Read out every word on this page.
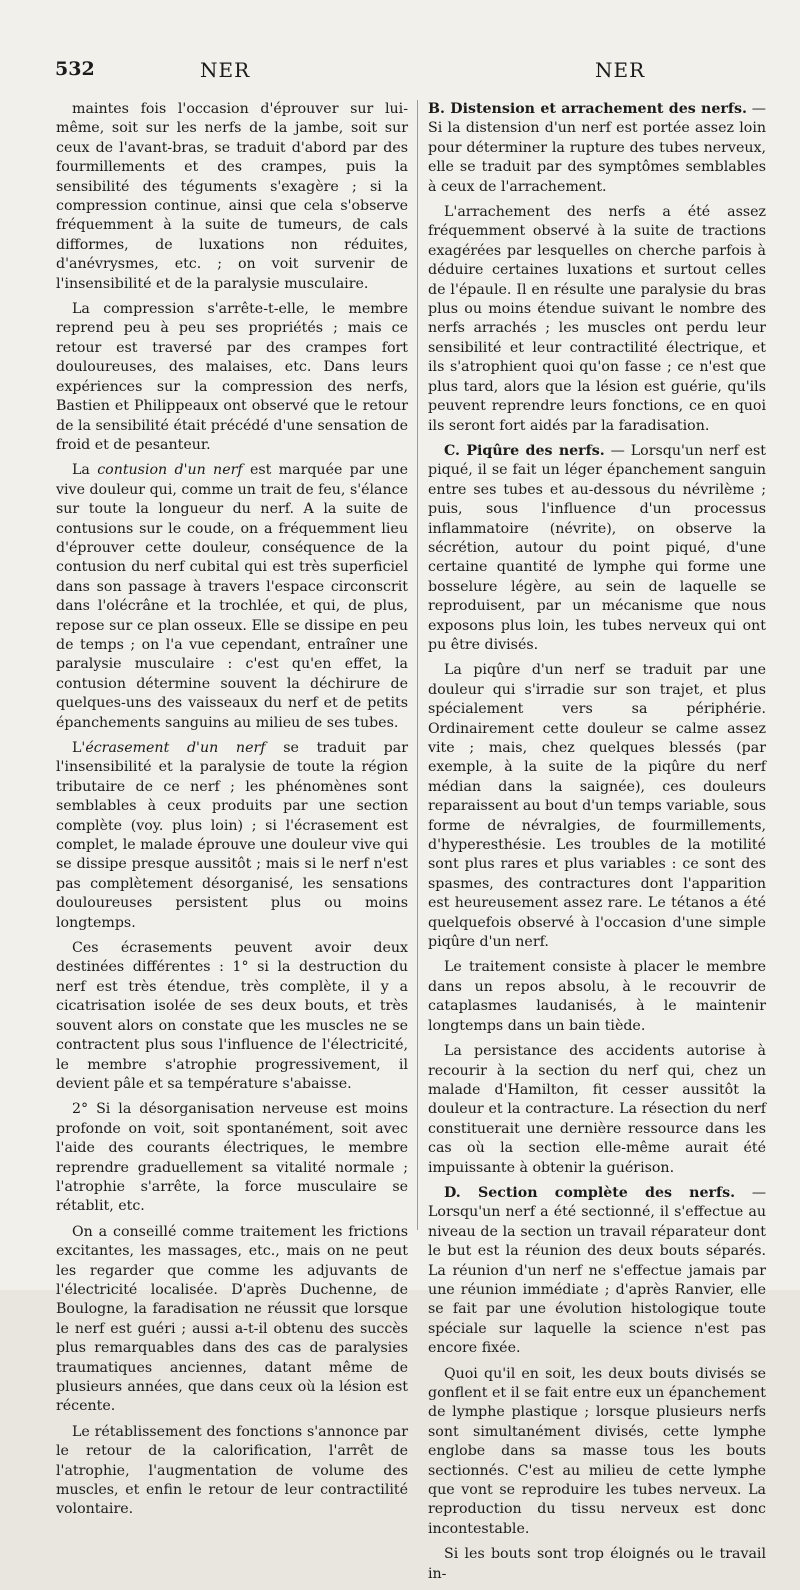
532	NER	NER

maintes fois l'occasion d'éprouver sur lui-même, soit sur les nerfs de la jambe, soit sur ceux de l'avant-bras, se traduit d'abord par des fourmillements et des crampes, puis la sensibilité des téguments s'exagère ; si la compression continue, ainsi que cela s'observe fréquemment à la suite de tumeurs, de cals difformes, de luxations non réduites, d'anévrysmes, etc. ; on voit survenir de l'insensibilité et de la paralysie musculaire.

La compression s'arrête-t-elle, le membre reprend peu à peu ses propriétés ; mais ce retour est traversé par des crampes fort douloureuses, des malaises, etc. Dans leurs expériences sur la compression des nerfs, Bastien et Philippeaux ont observé que le retour de la sensibilité était précédé d'une sensation de froid et de pesanteur.

La contusion d'un nerf est marquée par une vive douleur qui, comme un trait de feu, s'élance sur toute la longueur du nerf. A la suite de contusions sur le coude, on a fréquemment lieu d'éprouver cette douleur, conséquence de la contusion du nerf cubital qui est très superficiel dans son passage à travers l'espace circonscrit dans l'olécrâne et la trochlée, et qui, de plus, repose sur ce plan osseux. Elle se dissipe en peu de temps ; on l'a vue cependant, entraîner une paralysie musculaire : c'est qu'en effet, la contusion détermine souvent la déchirure de quelques-uns des vaisseaux du nerf et de petits épanchements sanguins au milieu de ses tubes.

L'écrasement d'un nerf se traduit par l'insensibilité et la paralysie de toute la région tributaire de ce nerf ; les phénomènes sont semblables à ceux produits par une section complète (voy. plus loin) ; si l'écrasement est complet, le malade éprouve une douleur vive qui se dissipe presque aussitôt ; mais si le nerf n'est pas complètement désorganisé, les sensations douloureuses persistent plus ou moins longtemps.

Ces écrasements peuvent avoir deux destinées différentes : 1° si la destruction du nerf est très étendue, très complète, il y a cicatrisation isolée de ses deux bouts, et très souvent alors on constate que les muscles ne se contractent plus sous l'influence de l'électricité, le membre s'atrophie progressivement, il devient pâle et sa température s'abaisse.

2° Si la désorganisation nerveuse est moins profonde on voit, soit spontanément, soit avec l'aide des courants électriques, le membre reprendre graduellement sa vitalité normale ; l'atrophie s'arrête, la force musculaire se rétablit, etc.

On a conseillé comme traitement les frictions excitantes, les massages, etc., mais on ne peut les regarder que comme les adjuvants de l'électricité localisée. D'après Duchenne, de Boulogne, la faradisation ne réussit que lorsque le nerf est guéri ; aussi a-t-il obtenu des succès plus remarquables dans des cas de paralysies traumatiques anciennes, datant même de plusieurs années, que dans ceux où la lésion est récente.

Le rétablissement des fonctions s'annonce par le retour de la calorification, l'arrêt de l'atrophie, l'augmentation de volume des muscles, et enfin le retour de leur contractilité volontaire.

B. Distension et arrachement des nerfs. — Si la distension d'un nerf est portée assez loin pour déterminer la rupture des tubes nerveux, elle se traduit par des symptômes semblables à ceux de l'arrachement.

L'arrachement des nerfs a été assez fréquemment observé à la suite de tractions exagérées par lesquelles on cherche parfois à déduire certaines luxations et surtout celles de l'épaule. Il en résulte une paralysie du bras plus ou moins étendue suivant le nombre des nerfs arrachés ; les muscles ont perdu leur sensibilité et leur contractilité électrique, et ils s'atrophient quoi qu'on fasse ; ce n'est que plus tard, alors que la lésion est guérie, qu'ils peuvent reprendre leurs fonctions, ce en quoi ils seront fort aidés par la faradisation.

C. Piqûre des nerfs. — Lorsqu'un nerf est piqué, il se fait un léger épanchement sanguin entre ses tubes et au-dessous du névrilème ; puis, sous l'influence d'un processus inflammatoire (névrite), on observe la sécrétion, autour du point piqué, d'une certaine quantité de lymphe qui forme une bosselure légère, au sein de laquelle se reproduisent, par un mécanisme que nous exposons plus loin, les tubes nerveux qui ont pu être divisés.

La piqûre d'un nerf se traduit par une douleur qui s'irradie sur son trajet, et plus spécialement vers sa périphérie. Ordinairement cette douleur se calme assez vite ; mais, chez quelques blessés (par exemple, à la suite de la piqûre du nerf médian dans la saignée), ces douleurs reparaissent au bout d'un temps variable, sous forme de névralgies, de fourmillements, d'hyperesthésie. Les troubles de la motilité sont plus rares et plus variables : ce sont des spasmes, des contractures dont l'apparition est heureusement assez rare. Le tétanos a été quelquefois observé à l'occasion d'une simple piqûre d'un nerf.

Le traitement consiste à placer le membre dans un repos absolu, à le recouvrir de cataplasmes laudanisés, à le maintenir longtemps dans un bain tiède.

La persistance des accidents autorise à recourir à la section du nerf qui, chez un malade d'Hamilton, fit cesser aussitôt la douleur et la contracture. La résection du nerf constituerait une dernière ressource dans les cas où la section elle-même aurait été impuissante à obtenir la guérison.

D. Section complète des nerfs. — Lorsqu'un nerf a été sectionné, il s'effectue au niveau de la section un travail réparateur dont le but est la réunion des deux bouts séparés. La réunion d'un nerf ne s'effectue jamais par une réunion immédiate ; d'après Ranvier, elle se fait par une évolution histologique toute spéciale sur laquelle la science n'est pas encore fixée.

Quoi qu'il en soit, les deux bouts divisés se gonflent et il se fait entre eux un épanchement de lymphe plastique ; lorsque plusieurs nerfs sont simultanément divisés, cette lymphe englobe dans sa masse tous les bouts sectionnés. C'est au milieu de cette lymphe que vont se reproduire les tubes nerveux. La reproduction du tissu nerveux est donc incontestable.

Si les bouts sont trop éloignés ou le travail in-
